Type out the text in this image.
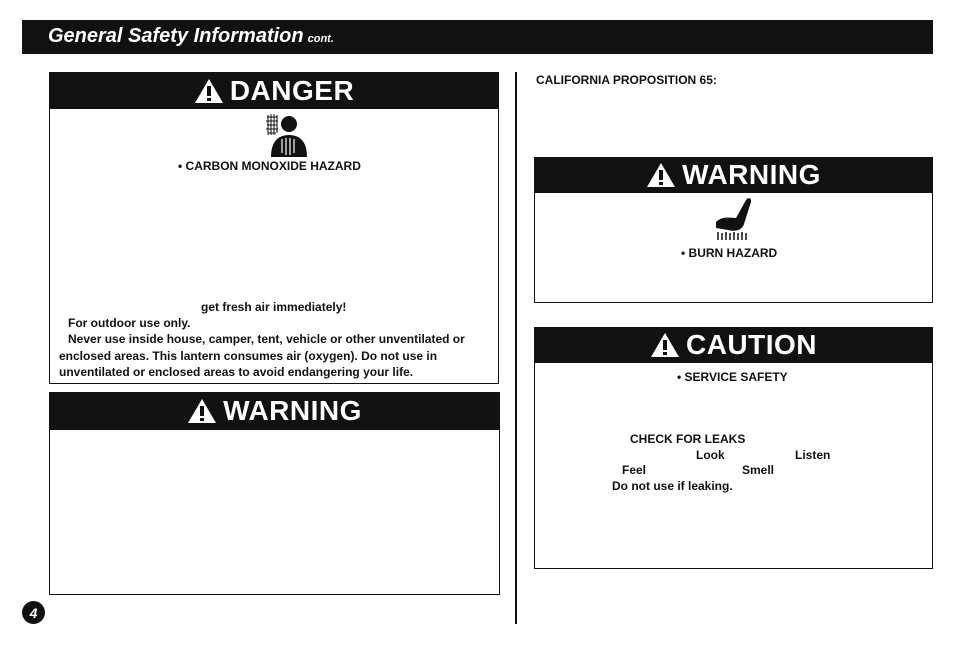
General Safety Information cont.
DANGER
• CARBON MONOXIDE HAZARD
get fresh air immediately!
For outdoor use only.
Never use inside house, camper, tent, vehicle or other unventilated or enclosed areas. This lantern consumes air (oxygen). Do not use in unventilated or enclosed areas to avoid endangering your life.
WARNING
CALIFORNIA PROPOSITION 65:
WARNING
• BURN HAZARD
CAUTION
• SERVICE SAFETY
CHECK FOR LEAKS
Look	Listen
Feel	Smell
Do not use if leaking.
4
